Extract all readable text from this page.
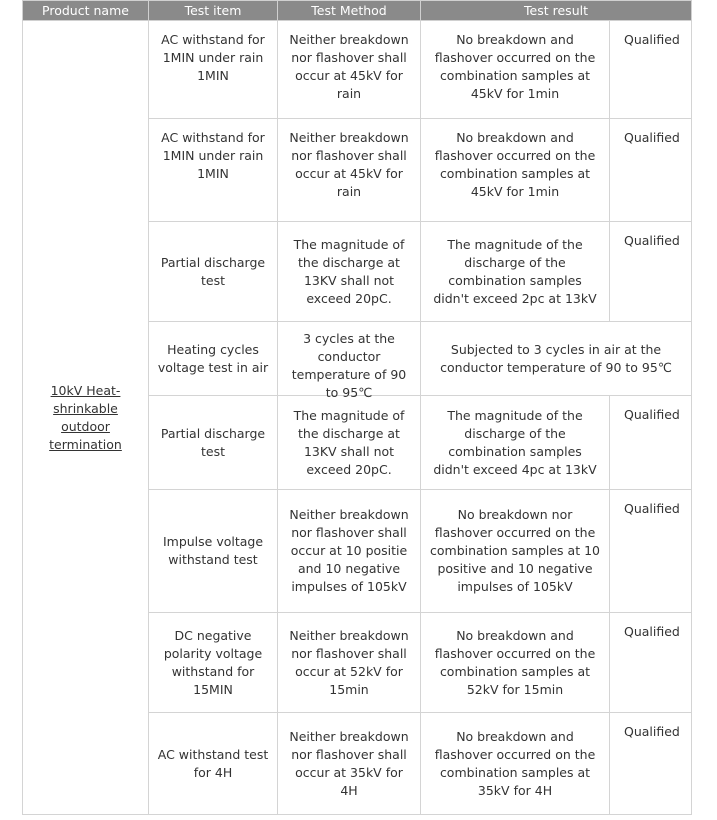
Product name	Test item	Test Method	Test result	
10kV Heat-shrinkable outdoor termination	AC withstand for 1MIN under rain 1MIN	Neither breakdown nor flashover shall occur at 45kV for rain	No breakdown and flashover occurred on the combination samples at 45kV for 1min	Qualified
	AC withstand for 1MIN under rain 1MIN	Neither breakdown nor flashover shall occur at 45kV for rain	No breakdown and flashover occurred on the combination samples at 45kV for 1min	Qualified
	Partial discharge test	The magnitude of the discharge at 13KV shall not exceed 20pC.	The magnitude of the discharge of the combination samples didn't exceed 2pc at 13kV	Qualified
	Heating cycles voltage test in air	3 cycles at the conductor temperature of 90 to 95℃	Subjected to 3 cycles in air at the conductor temperature of 90 to 95℃	
	Partial discharge test	The magnitude of the discharge at 13KV shall not exceed 20pC.	The magnitude of the discharge of the combination samples didn't exceed 4pc at 13kV	Qualified
	Impulse voltage withstand test	Neither breakdown nor flashover shall occur at 10 positie and 10 negative impulses of 105kV	No breakdown nor flashover occurred on the combination samples at 10 positive and 10 negative impulses of 105kV	Qualified
	DC negative polarity voltage withstand for 15MIN	Neither breakdown nor flashover shall occur at 52kV for 15min	No breakdown and flashover occurred on the combination samples at 52kV for 15min	Qualified
	AC withstand test for 4H	Neither breakdown nor flashover shall occur at 35kV for 4H	No breakdown and flashover occurred on the combination samples at 35kV for 4H	Qualified
